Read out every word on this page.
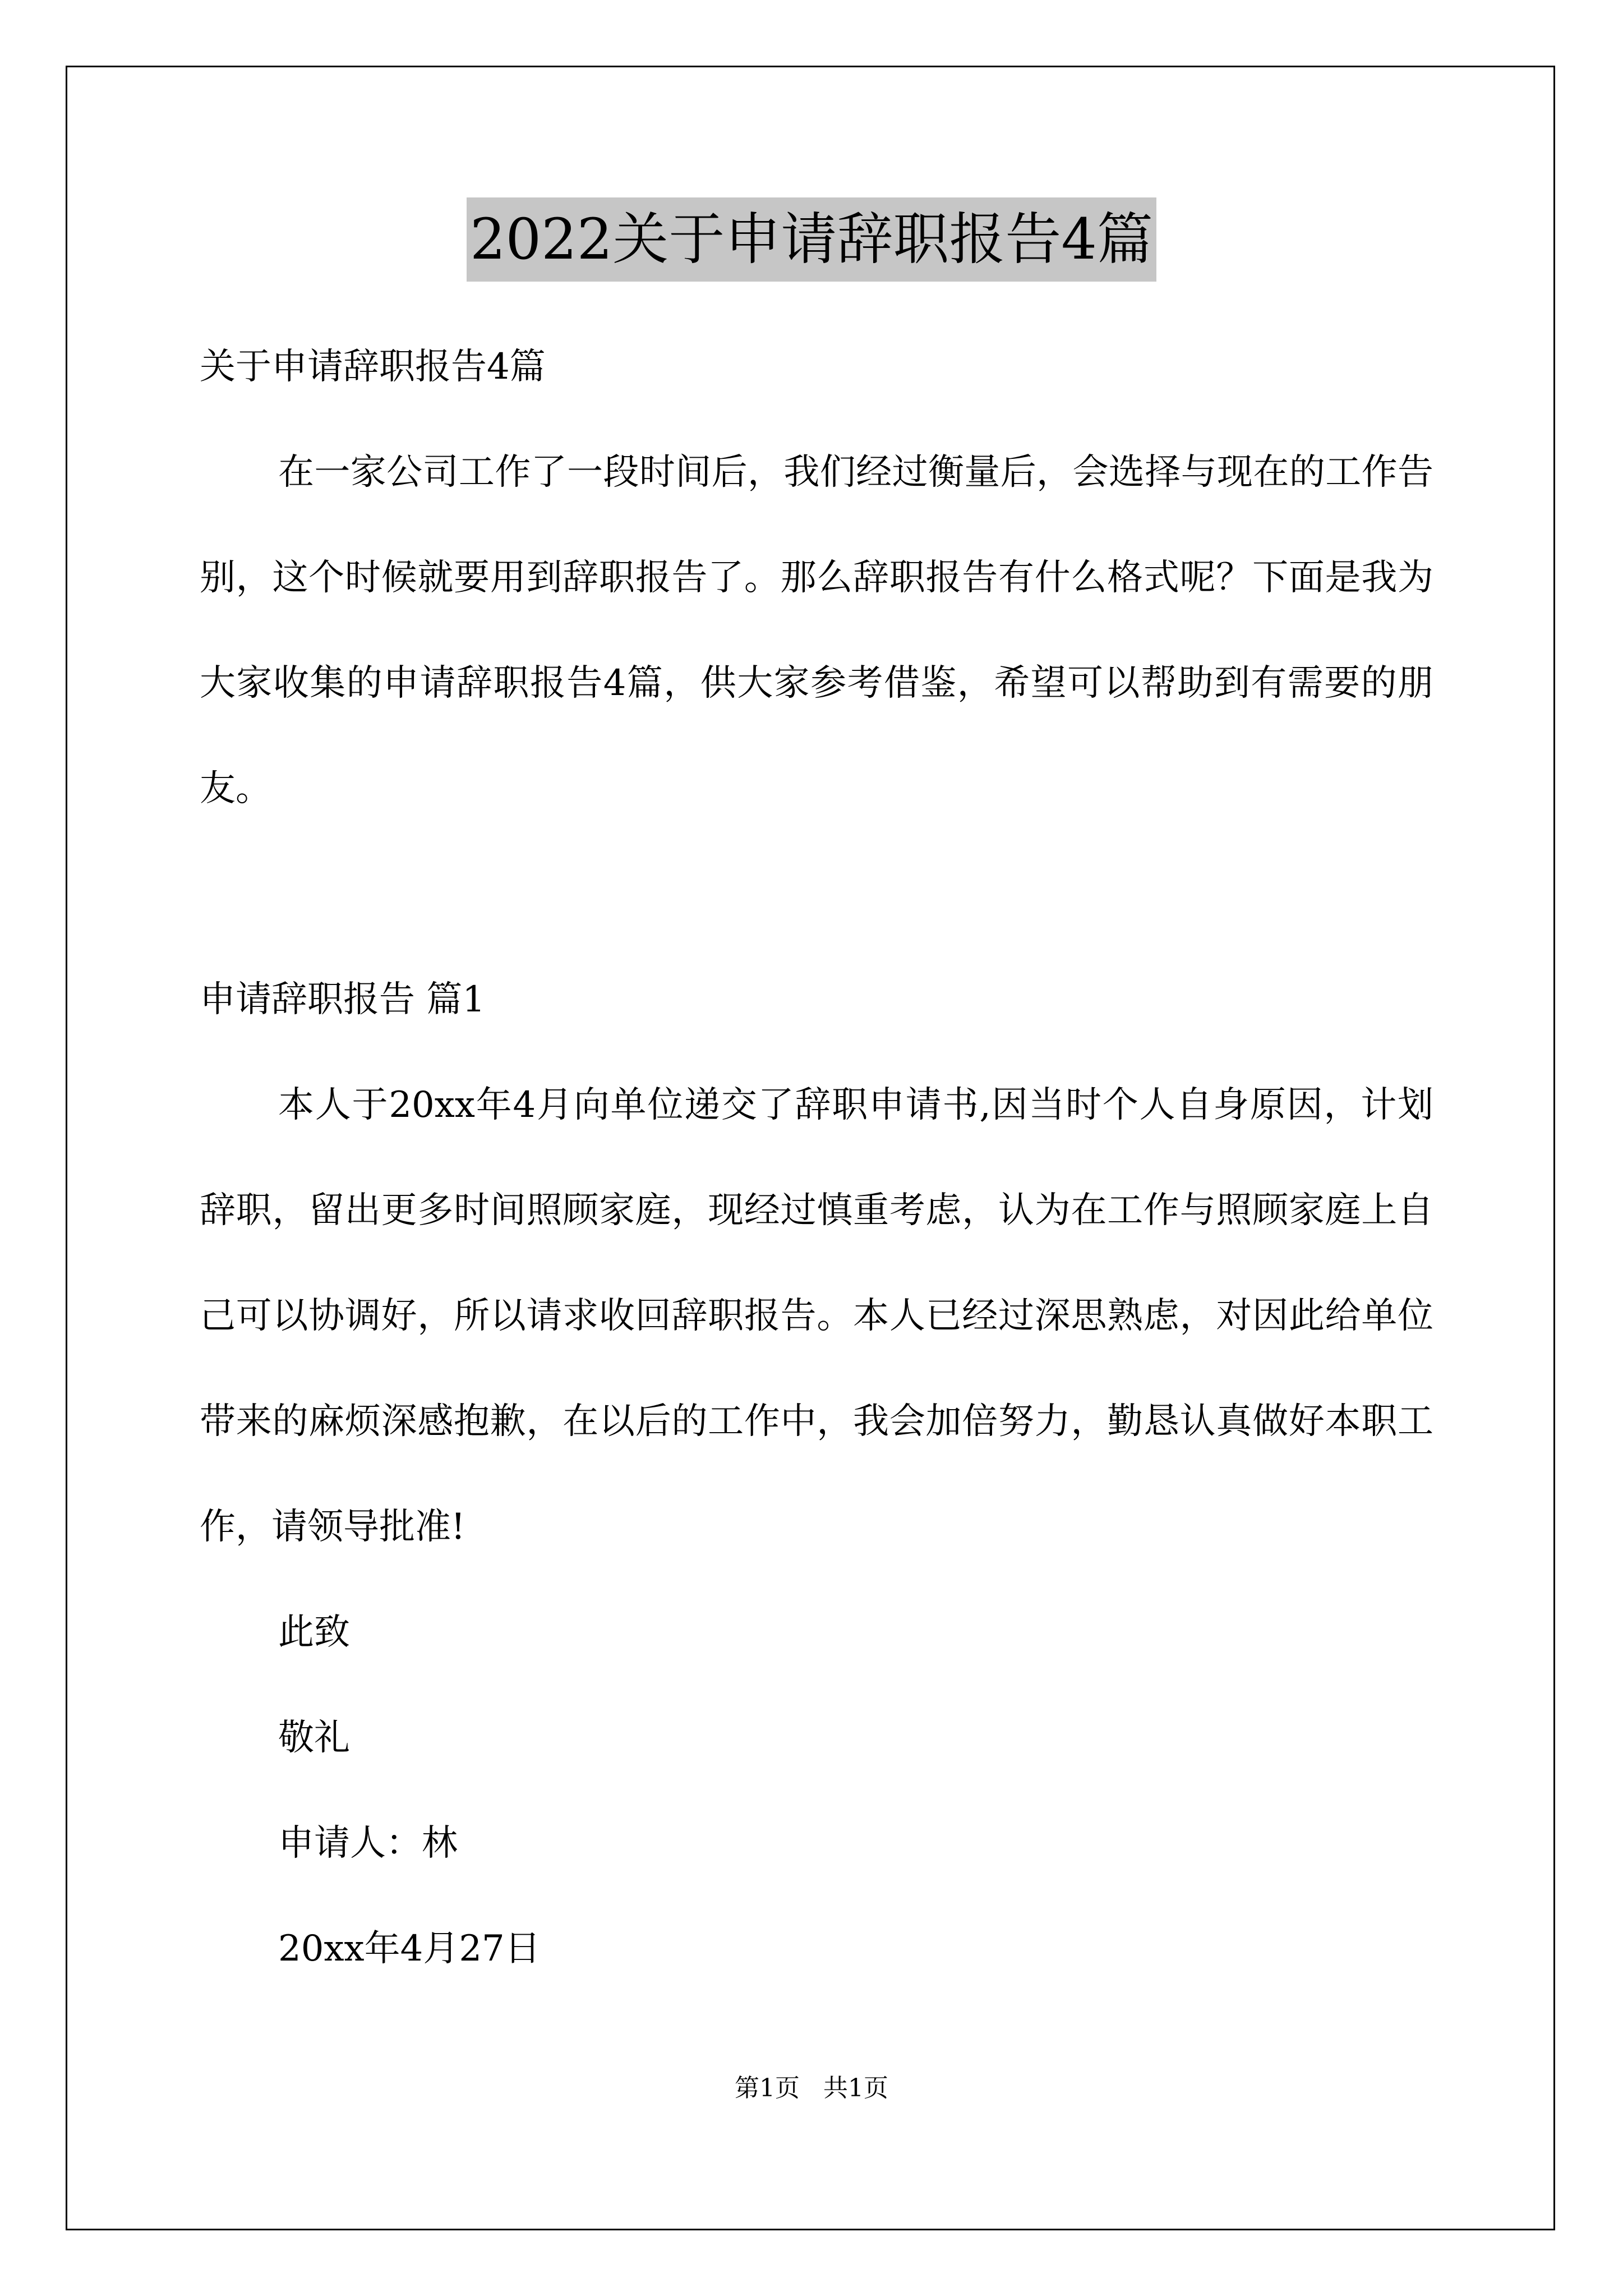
2022关于申请辞职报告4篇

关于申请辞职报告4篇

在一家公司工作了一段时间后，我们经过衡量后，会选择与现在的工作告别，这个时候就要用到辞职报告了。那么辞职报告有什么格式呢？下面是我为大家收集的申请辞职报告4篇，供大家参考借鉴，希望可以帮助到有需要的朋友。

申请辞职报告 篇1

本人于20xx年4月向单位递交了辞职申请书,因当时个人自身原因，计划辞职，留出更多时间照顾家庭，现经过慎重考虑，认为在工作与照顾家庭上自己可以协调好，所以请求收回辞职报告。本人已经过深思熟虑，对因此给单位带来的麻烦深感抱歉，在以后的工作中，我会加倍努力，勤恳认真做好本职工作，请领导批准!

此致

敬礼

申请人：林

20xx年4月27日

第1页   共1页
